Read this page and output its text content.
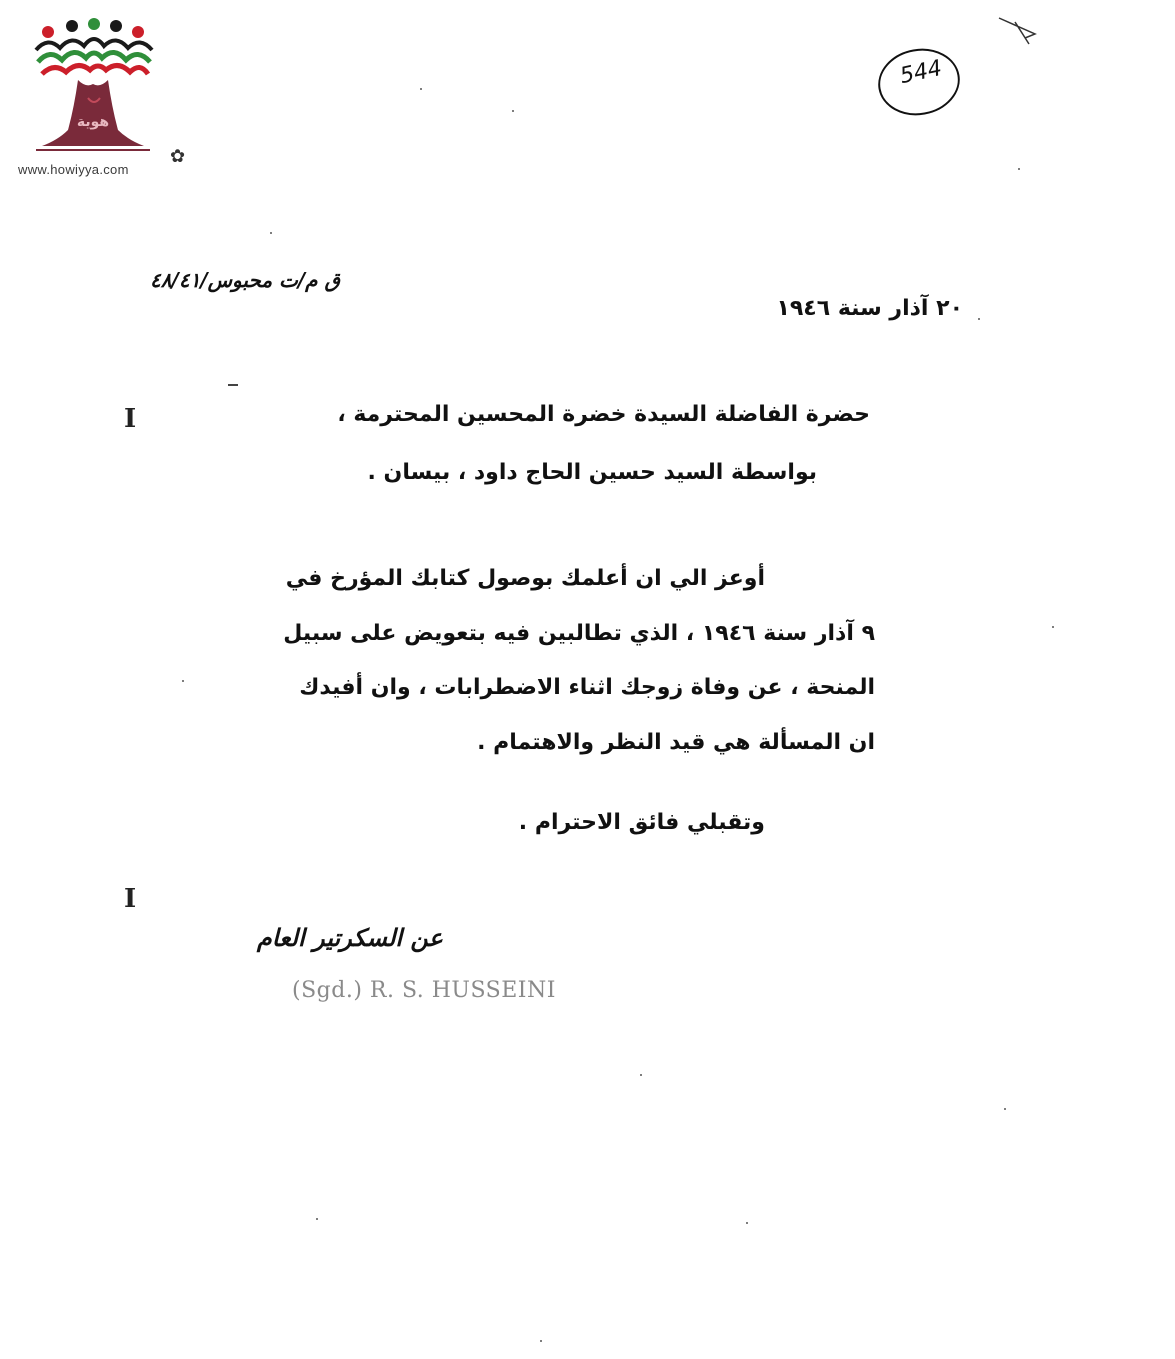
هوية
www.howiyya.com
✿
544
ق م/ت محبوس/٤٨/٤١
٢٠ آذار سنة ١٩٤٦
I
I
حضرة الفاضلة السيدة خضرة المحسين المحترمة ،
بواسطة السيد حسين الحاج داود ، بيسان .
أوعز الي ان أعلمك بوصول كتابك المؤرخ في
٩ آذار سنة ١٩٤٦ ، الذي تطالبين فيه بتعويض على سبيل
المنحة ، عن وفاة زوجك اثناء الاضطرابات ، وان أفيدك
ان المسألة هي قيد النظر والاهتمام .
وتقبلي فائق الاحترام .
عن السكرتير العام
(Sgd.) R. S. HUSSEINI
